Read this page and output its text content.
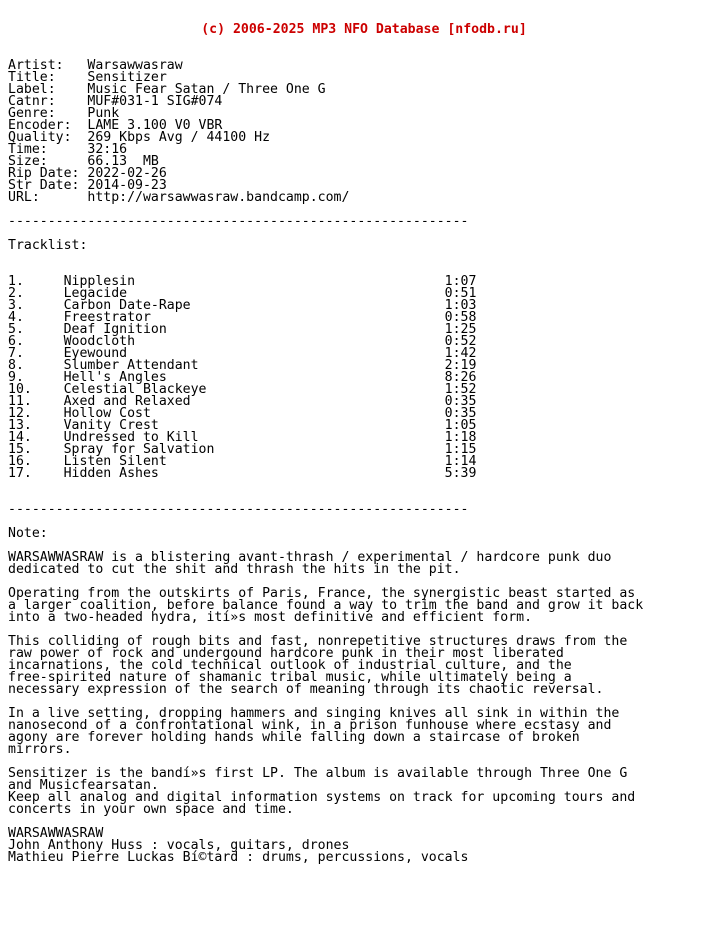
(c) 2006-2025 MP3 NFO Database [nfodb.ru]

Artist:   Warsawwasraw
Title:    Sensitizer
Label:    Music Fear Satan / Three One G
Catnr:    MUF#031-1 SIG#074
Genre:    Punk
Encoder:  LAME 3.100 V0 VBR
Quality:  269 Kbps Avg / 44100 Hz
Time:     32:16
Size:     66.13  MB
Rip Date: 2022-02-26
Str Date: 2014-09-23
URL:      http://warsawwasraw.bandcamp.com/
----------------------------------------------------------
Tracklist:
1.     Nipplesin                                       1:07
2.     Legacide                                        0:51
3.     Carbon Date-Rape                                1:03
4.     Freestrator                                     0:58
5.     Deaf Ignition                                   1:25
6.     Woodcloth                                       0:52
7.     Eyewound                                        1:42
8.     Slumber Attendant                               2:19
9.     Hell's Angles                                   8:26
10.    Celestial Blackeye                              1:52
11.    Axed and Relaxed                                0:35
12.    Hollow Cost                                     0:35
13.    Vanity Crest                                    1:05
14.    Undressed to Kill                               1:18
15.    Spray for Salvation                             1:15
16.    Listen Silent                                   1:14
17.    Hidden Ashes                                    5:39
----------------------------------------------------------
Note:
WARSAWWASRAW is a blistering avant-thrash / experimental / hardcore punk duo
dedicated to cut the shit and thrash the hits in the pit.
Operating from the outskirts of Paris, France, the synergistic beast started as
a larger coalition, before balance found a way to trim the band and grow it back
into a two-headed hydra, ití»s most definitive and efficient form.
This colliding of rough bits and fast, nonrepetitive structures draws from the
raw power of rock and undergound hardcore punk in their most liberated
incarnations, the cold technical outlook of industrial culture, and the
free-spirited nature of shamanic tribal music, while ultimately being a
necessary expression of the search of meaning through its chaotic reversal.
In a live setting, dropping hammers and singing knives all sink in within the
nanosecond of a confrontational wink, in a prison funhouse where ecstasy and
agony are forever holding hands while falling down a staircase of broken
mirrors.
Sensitizer is the bandí»s first LP. The album is available through Three One G
and Musicfearsatan.
Keep all analog and digital information systems on track for upcoming tours and
concerts in your own space and time.
WARSAWWASRAW
John Anthony Huss : vocals, guitars, drones
Mathieu Pierre Luckas Bí©tard : drums, percussions, vocals
